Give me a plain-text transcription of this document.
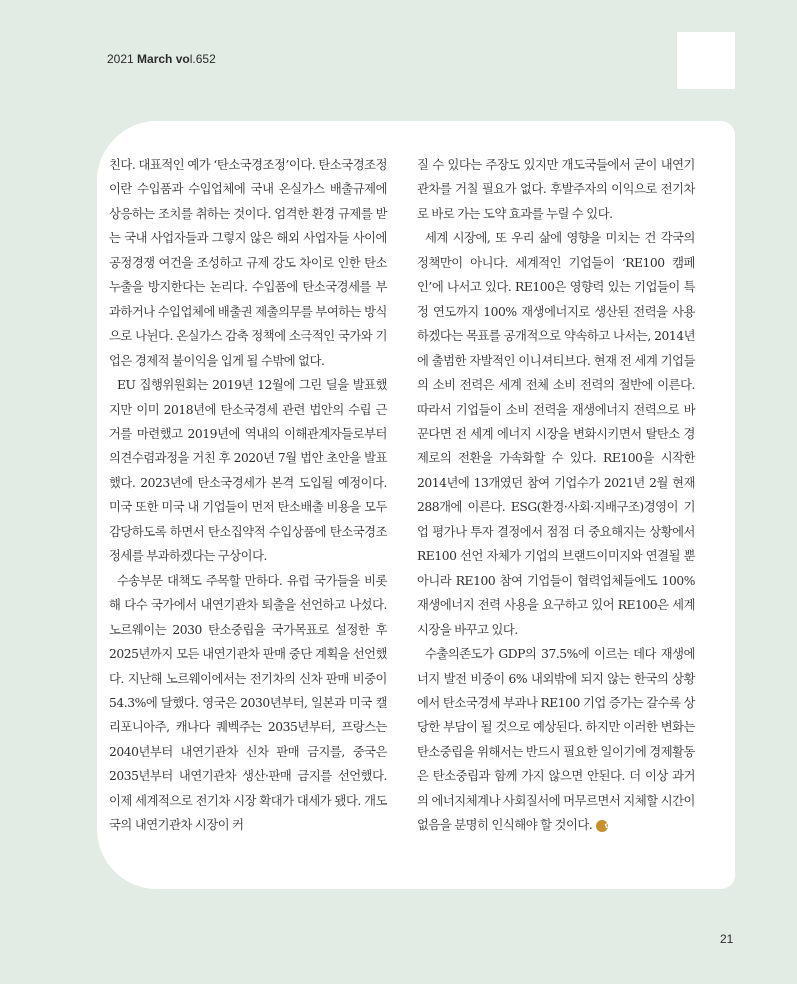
2021 March vol.652

친다. 대표적인 예가 ‘탄소국경조정’이다. 탄소국경조정이란 수입품과 수입업체에 국내 온실가스 배출규제에 상응하는 조치를 취하는 것이다. 엄격한 환경 규제를 받는 국내 사업자들과 그렇지 않은 해외 사업자들 사이에 공정경쟁 여건을 조성하고 규제 강도 차이로 인한 탄소누출을 방지한다는 논리다. 수입품에 탄소국경세를 부과하거나 수입업체에 배출권 제출의무를 부여하는 방식으로 나뉜다. 온실가스 감축 정책에 소극적인 국가와 기업은 경제적 불이익을 입게 될 수밖에 없다.

EU 집행위원회는 2019년 12월에 그린 딜을 발표했지만 이미 2018년에 탄소국경세 관련 법안의 수립 근거를 마련했고 2019년에 역내의 이해관계자들로부터 의견수렴과정을 거친 후 2020년 7월 법안 초안을 발표했다. 2023년에 탄소국경세가 본격 도입될 예정이다. 미국 또한 미국 내 기업들이 먼저 탄소배출 비용을 모두 감당하도록 하면서 탄소집약적 수입상품에 탄소국경조정세를 부과하겠다는 구상이다.

수송부문 대책도 주목할 만하다. 유럽 국가들을 비롯해 다수 국가에서 내연기관차 퇴출을 선언하고 나섰다. 노르웨이는 2030 탄소중립을 국가목표로 설정한 후 2025년까지 모든 내연기관차 판매 중단 계획을 선언했다. 지난해 노르웨이에서는 전기차의 신차 판매 비중이 54.3%에 달했다. 영국은 2030년부터, 일본과 미국 캘리포니아주, 캐나다 퀘벡주는 2035년부터, 프랑스는 2040년부터 내연기관차 신차 판매 금지를, 중국은 2035년부터 내연기관차 생산·판매 금지를 선언했다. 이제 세계적으로 전기차 시장 확대가 대세가 됐다. 개도국의 내연기관차 시장이 커

질 수 있다는 주장도 있지만 개도국들에서 굳이 내연기관차를 거칠 필요가 없다. 후발주자의 이익으로 전기차로 바로 가는 도약 효과를 누릴 수 있다.

세계 시장에, 또 우리 삶에 영향을 미치는 건 각국의 정책만이 아니다. 세계적인 기업들이 ‘RE100 캠페인’에 나서고 있다. RE100은 영향력 있는 기업들이 특정 연도까지 100% 재생에너지로 생산된 전력을 사용하겠다는 목표를 공개적으로 약속하고 나서는, 2014년에 출범한 자발적인 이니셔티브다. 현재 전 세계 기업들의 소비 전력은 세계 전체 소비 전력의 절반에 이른다. 따라서 기업들이 소비 전력을 재생에너지 전력으로 바꾼다면 전 세계 에너지 시장을 변화시키면서 탈탄소 경제로의 전환을 가속화할 수 있다. RE100을 시작한 2014년에 13개였던 참여 기업수가 2021년 2월 현재 288개에 이른다. ESG(환경·사회·지배구조)경영이 기업 평가나 투자 결정에서 점점 더 중요해지는 상황에서 RE100 선언 자체가 기업의 브랜드이미지와 연결될 뿐 아니라 RE100 참여 기업들이 협력업체들에도 100% 재생에너지 전력 사용을 요구하고 있어 RE100은 세계 시장을 바꾸고 있다.

수출의존도가 GDP의 37.5%에 이르는 데다 재생에너지 발전 비중이 6% 내외밖에 되지 않는 한국의 상황에서 탄소국경세 부과나 RE100 기업 증가는 갈수록 상당한 부담이 될 것으로 예상된다. 하지만 이러한 변화는 탄소중립을 위해서는 반드시 필요한 일이기에 경제활동은 탄소중립과 함께 가지 않으면 안된다. 더 이상 과거의 에너지체계나 사회질서에 머무르면서 지체할 시간이 없음을 분명히 인식해야 할 것이다. ✿

21
